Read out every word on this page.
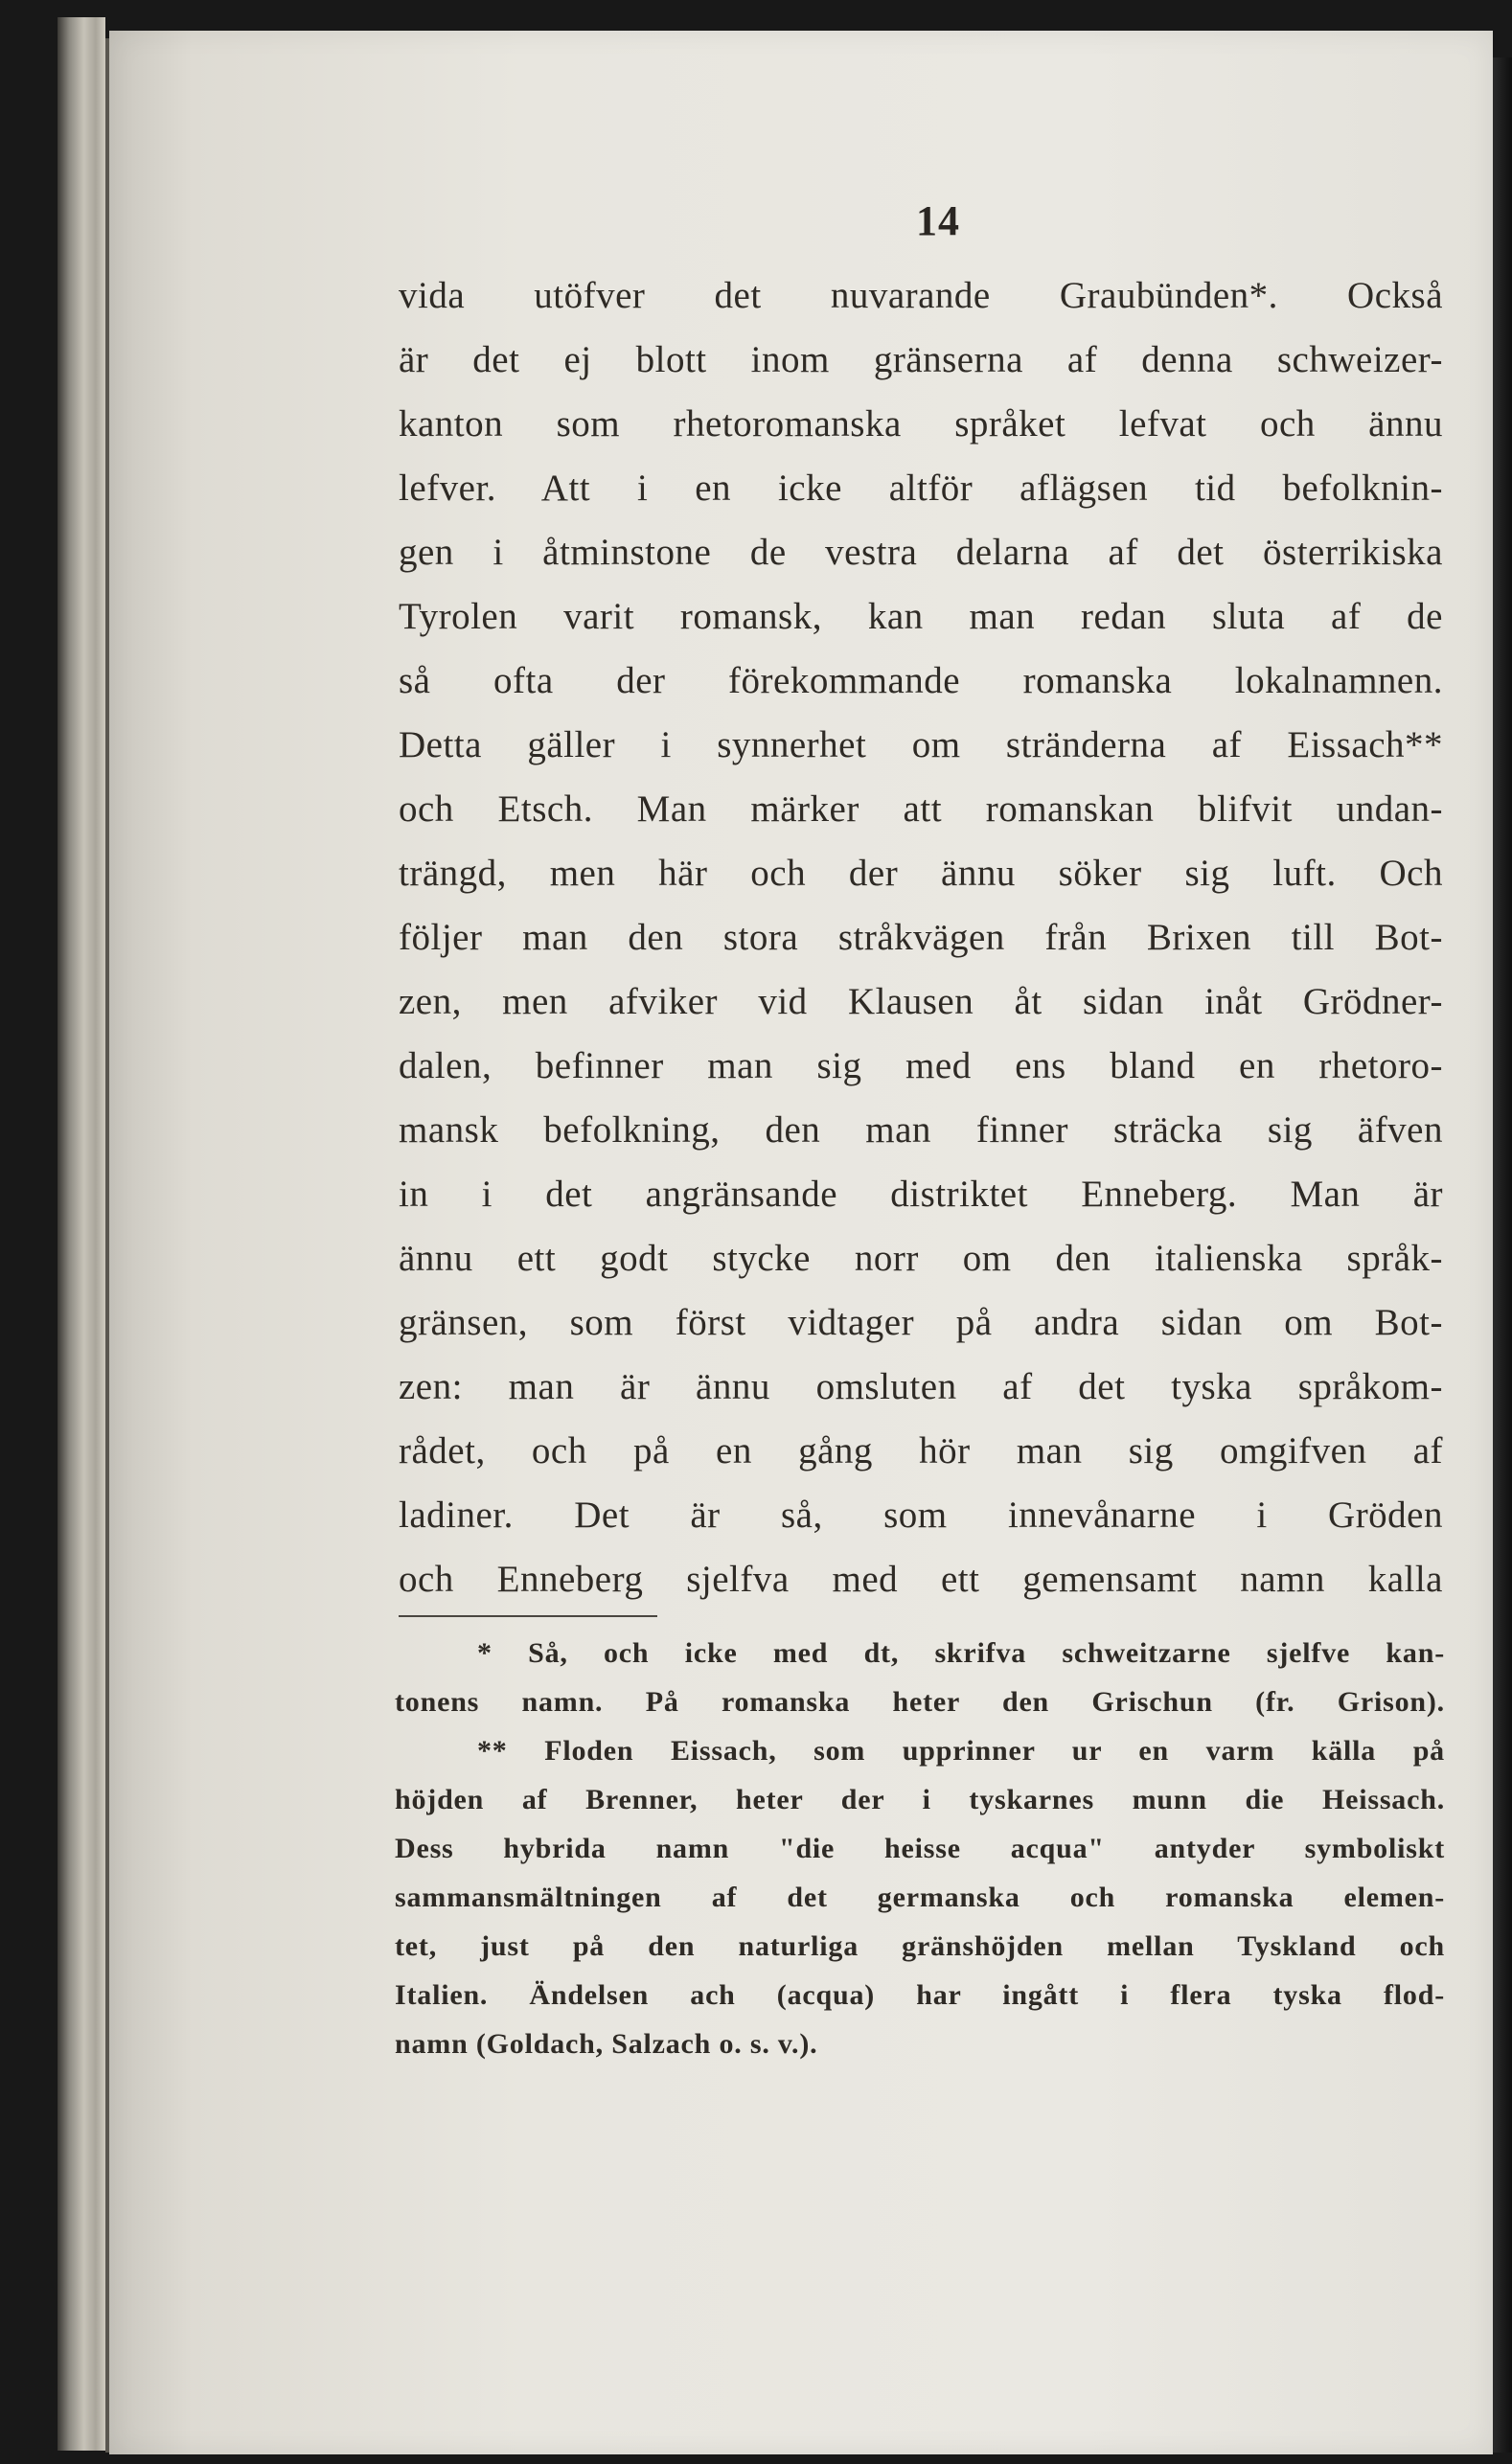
14
vida utöfver det nuvarande Graubünden*. Också
är det ej blott inom gränserna af denna schweizer-
kanton som rhetoromanska språket lefvat och ännu
lefver. Att i en icke altför aflägsen tid befolknin-
gen i åtminstone de vestra delarna af det österrikiska
Tyrolen varit romansk, kan man redan sluta af de
så ofta der förekommande romanska lokalnamnen.
Detta gäller i synnerhet om stränderna af Eissach**
och Etsch. Man märker att romanskan blifvit undan-
trängd, men här och der ännu söker sig luft. Och
följer man den stora stråkvägen från Brixen till Bot-
zen, men afviker vid Klausen åt sidan inåt Grödner-
dalen, befinner man sig med ens bland en rhetoro-
mansk befolkning, den man finner sträcka sig äfven
in i det angränsande distriktet Enneberg. Man är
ännu ett godt stycke norr om den italienska språk-
gränsen, som först vidtager på andra sidan om Bot-
zen: man är ännu omsluten af det tyska språkom-
rådet, och på en gång hör man sig omgifven af
ladiner. Det är så, som innevånarne i Gröden
och Enneberg sjelfva med ett gemensamt namn kalla
* Så, och icke med dt, skrifva schweitzarne sjelfve kan-
tonens namn. På romanska heter den Grischun (fr. Grison).
** Floden Eissach, som upprinner ur en varm källa på
höjden af Brenner, heter der i tyskarnes munn die Heissach.
Dess hybrida namn "die heisse acqua" antyder symboliskt
sammansmältningen af det germanska och romanska elemen-
tet, just på den naturliga gränshöjden mellan Tyskland och
Italien. Ändelsen ach (acqua) har ingått i flera tyska flod-
namn (Goldach, Salzach o. s. v.).
